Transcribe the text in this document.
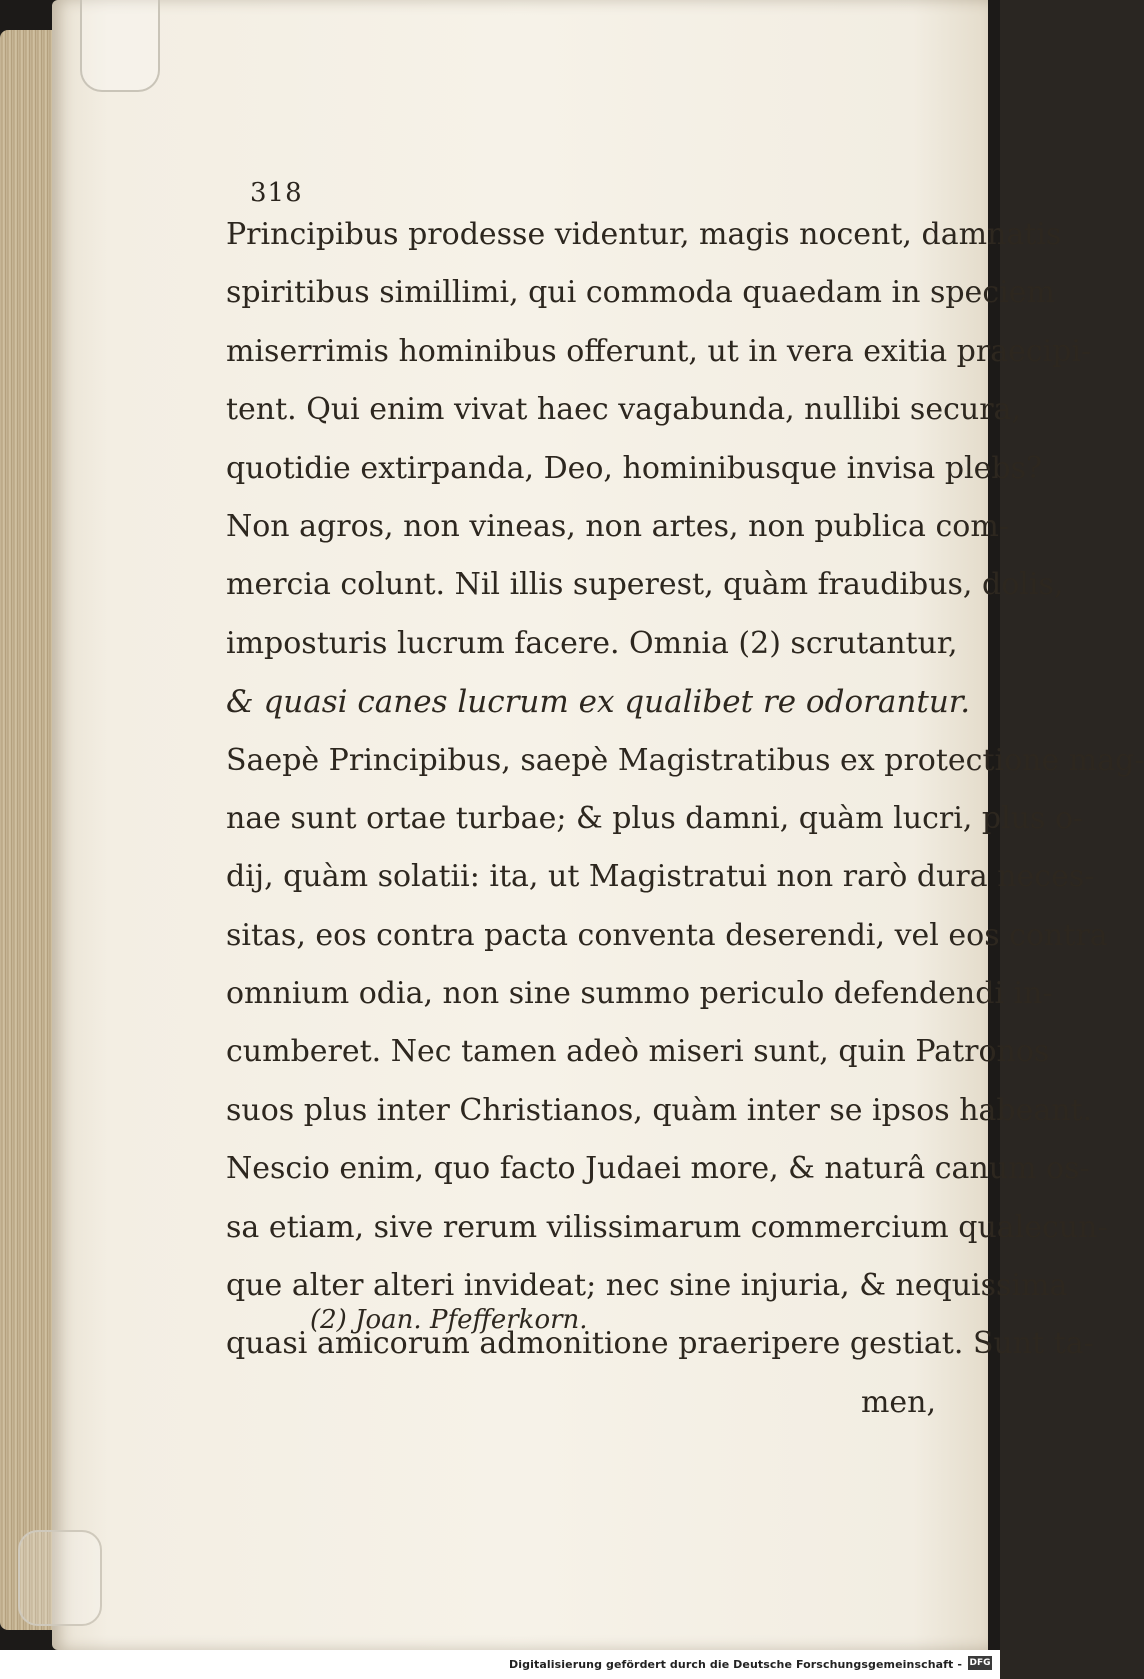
318
Principibus prodesse videntur, magis nocent, damnatis
spiritibus simillimi, qui commoda quaedam in speciem
miserrimis hominibus offerunt, ut in vera exitia praecipi-
tent. Qui enim vivat haec vagabunda, nullibi secura,
quotidie extirpanda, Deo, hominibusque invisa plebs?
Non agros, non vineas, non artes, non publica com-
mercia colunt. Nil illis superest, quàm fraudibus, dolis,
imposturis lucrum facere. Omnia (2) scrutantur,
& quasi canes lucrum ex qualibet re odorantur.
Saepè Principibus, saepè Magistratibus ex protectione mag-
nae sunt ortae turbae; & plus damni, quàm lucri, plus o-
dij, quàm solatii: ita, ut Magistratui non rarò dura neces-
sitas, eos contra pacta conventa deserendi, vel eos contra
omnium odia, non sine summo periculo defendendi in-
cumberet. Nec tamen adeò miseri sunt, quin Patronos
suos plus inter Christianos, quàm inter se ipsos habeant.
Nescio enim, quo facto Judaei more, & naturâ canum os-
sa etiam, sive rerum vilissimarum commercium qualecun-
que alter alteri invideat; nec sine injuria, & nequissima
quasi amicorum admonitione praeripere gestiat. Sunt ta-
men,
(2) Joan. Pfefferkorn.
Digitalisierung gefördert durch die Deutsche Forschungsgemeinschaft - DFG
